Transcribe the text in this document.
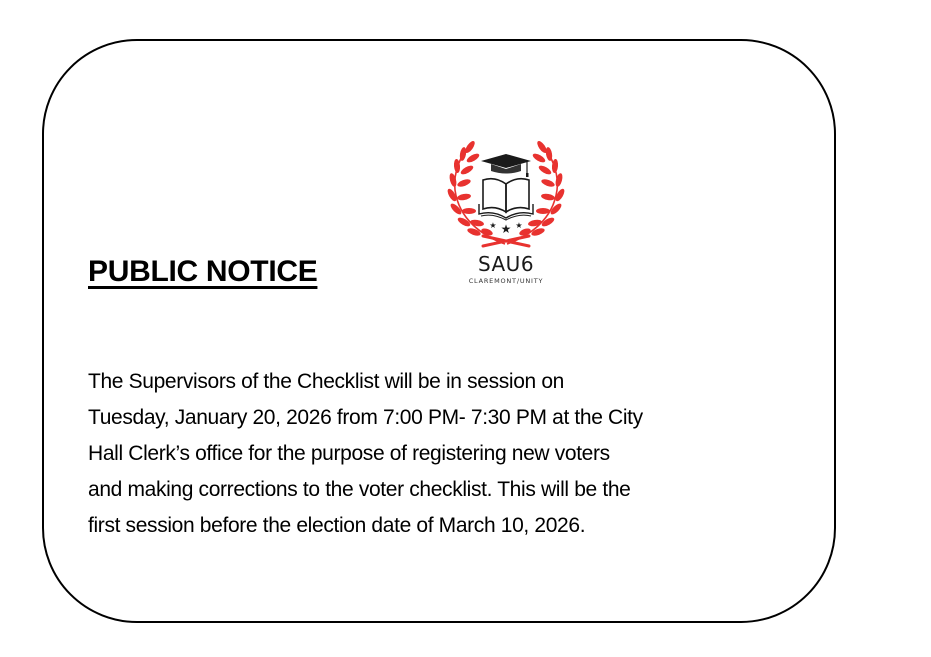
PUBLIC NOTICE
★ ★ ★
SAU6
CLAREMONT/UNITY

The Supervisors of the Checklist will be in session on
Tuesday, January 20, 2026 from 7:00 PM- 7:30 PM at the City
Hall Clerk’s office for the purpose of registering new voters
and making corrections to the voter checklist. This will be the
first session before the election date of March 10, 2026.
